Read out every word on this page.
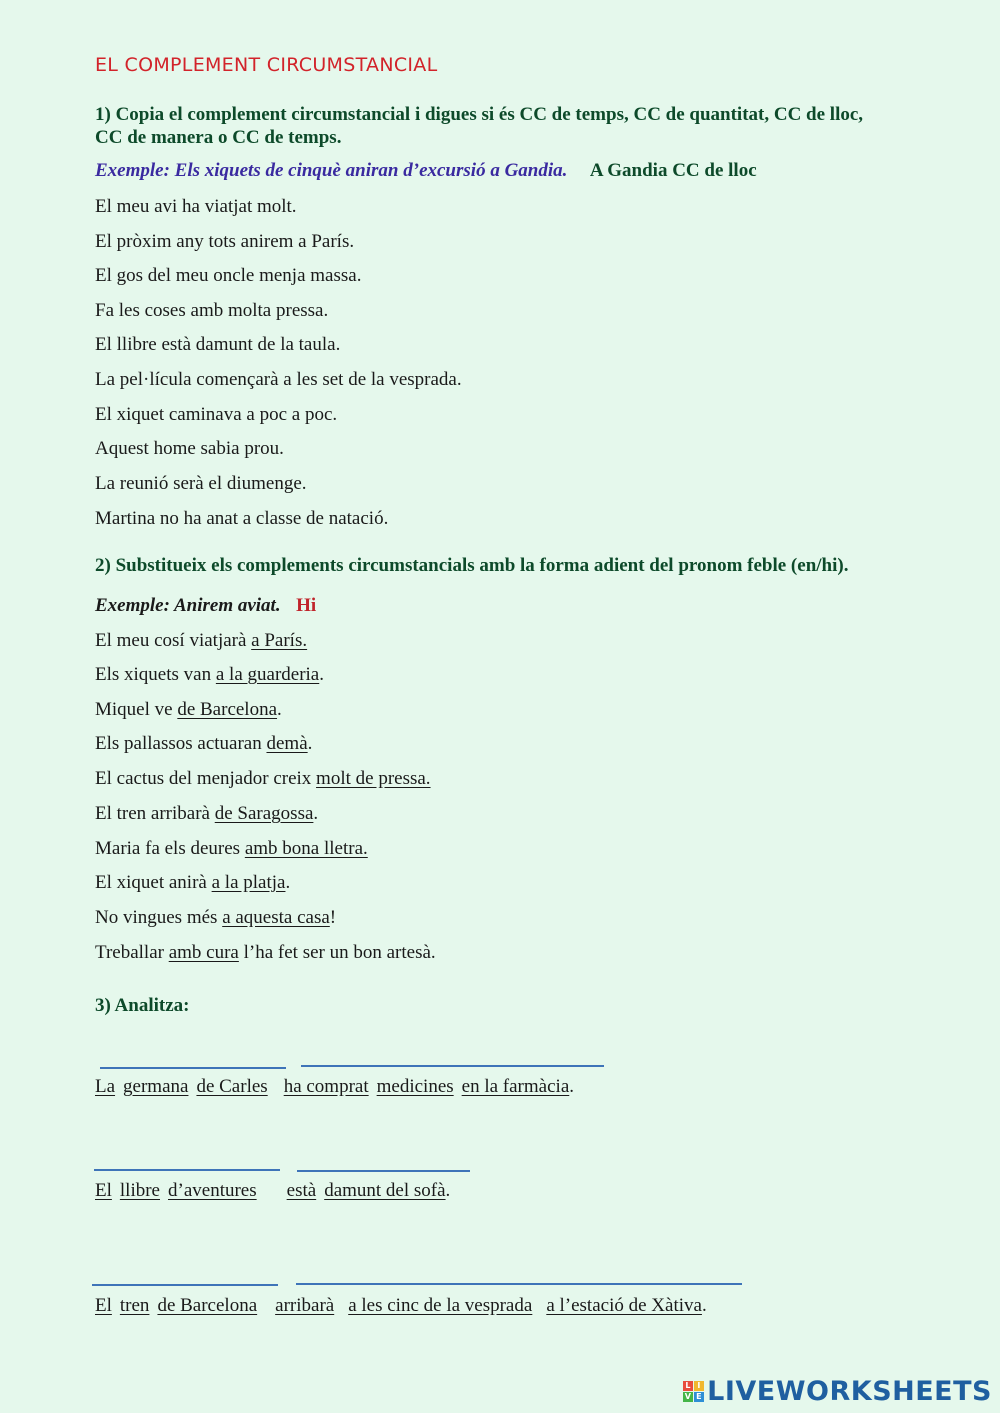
EL COMPLEMENT CIRCUMSTANCIAL
1) Copia el complement circumstancial i digues si és CC de temps, CC de quantitat, CC de lloc, CC de manera o CC de temps.
Exemple: Els xiquets de cinquè aniran d’excursió a Gandia. A Gandia CC de lloc
El meu avi ha viatjat molt.
El pròxim any tots anirem a París.
El gos del meu oncle menja massa.
Fa les coses amb molta pressa.
El llibre està damunt de la taula.
La pel·lícula començarà a les set de la vesprada.
El xiquet caminava a poc a poc.
Aquest home sabia prou.
La reunió serà el diumenge.
Martina no ha anat a classe de natació.
2) Substitueix els complements circumstancials amb la forma adient del pronom feble (en/hi).
Exemple: Anirem aviat. Hi
El meu cosí viatjarà a París.
Els xiquets van a la guarderia.
Miquel ve de Barcelona.
Els pallassos actuaran demà.
El cactus del menjador creix molt de pressa.
El tren arribarà de Saragossa.
Maria fa els deures amb bona lletra.
El xiquet anirà a la platja.
No vingues més a aquesta casa!
Treballar amb cura l’ha fet ser un bon artesà.
3) Analitza:
La germana de Carles ha comprat medicines en la farmàcia.
El llibre d’aventures està damunt del sofà.
El tren de Barcelona arribarà a les cinc de la vesprada a l’estació de Xàtiva.
L I
V E LIVEWORKSHEETS
